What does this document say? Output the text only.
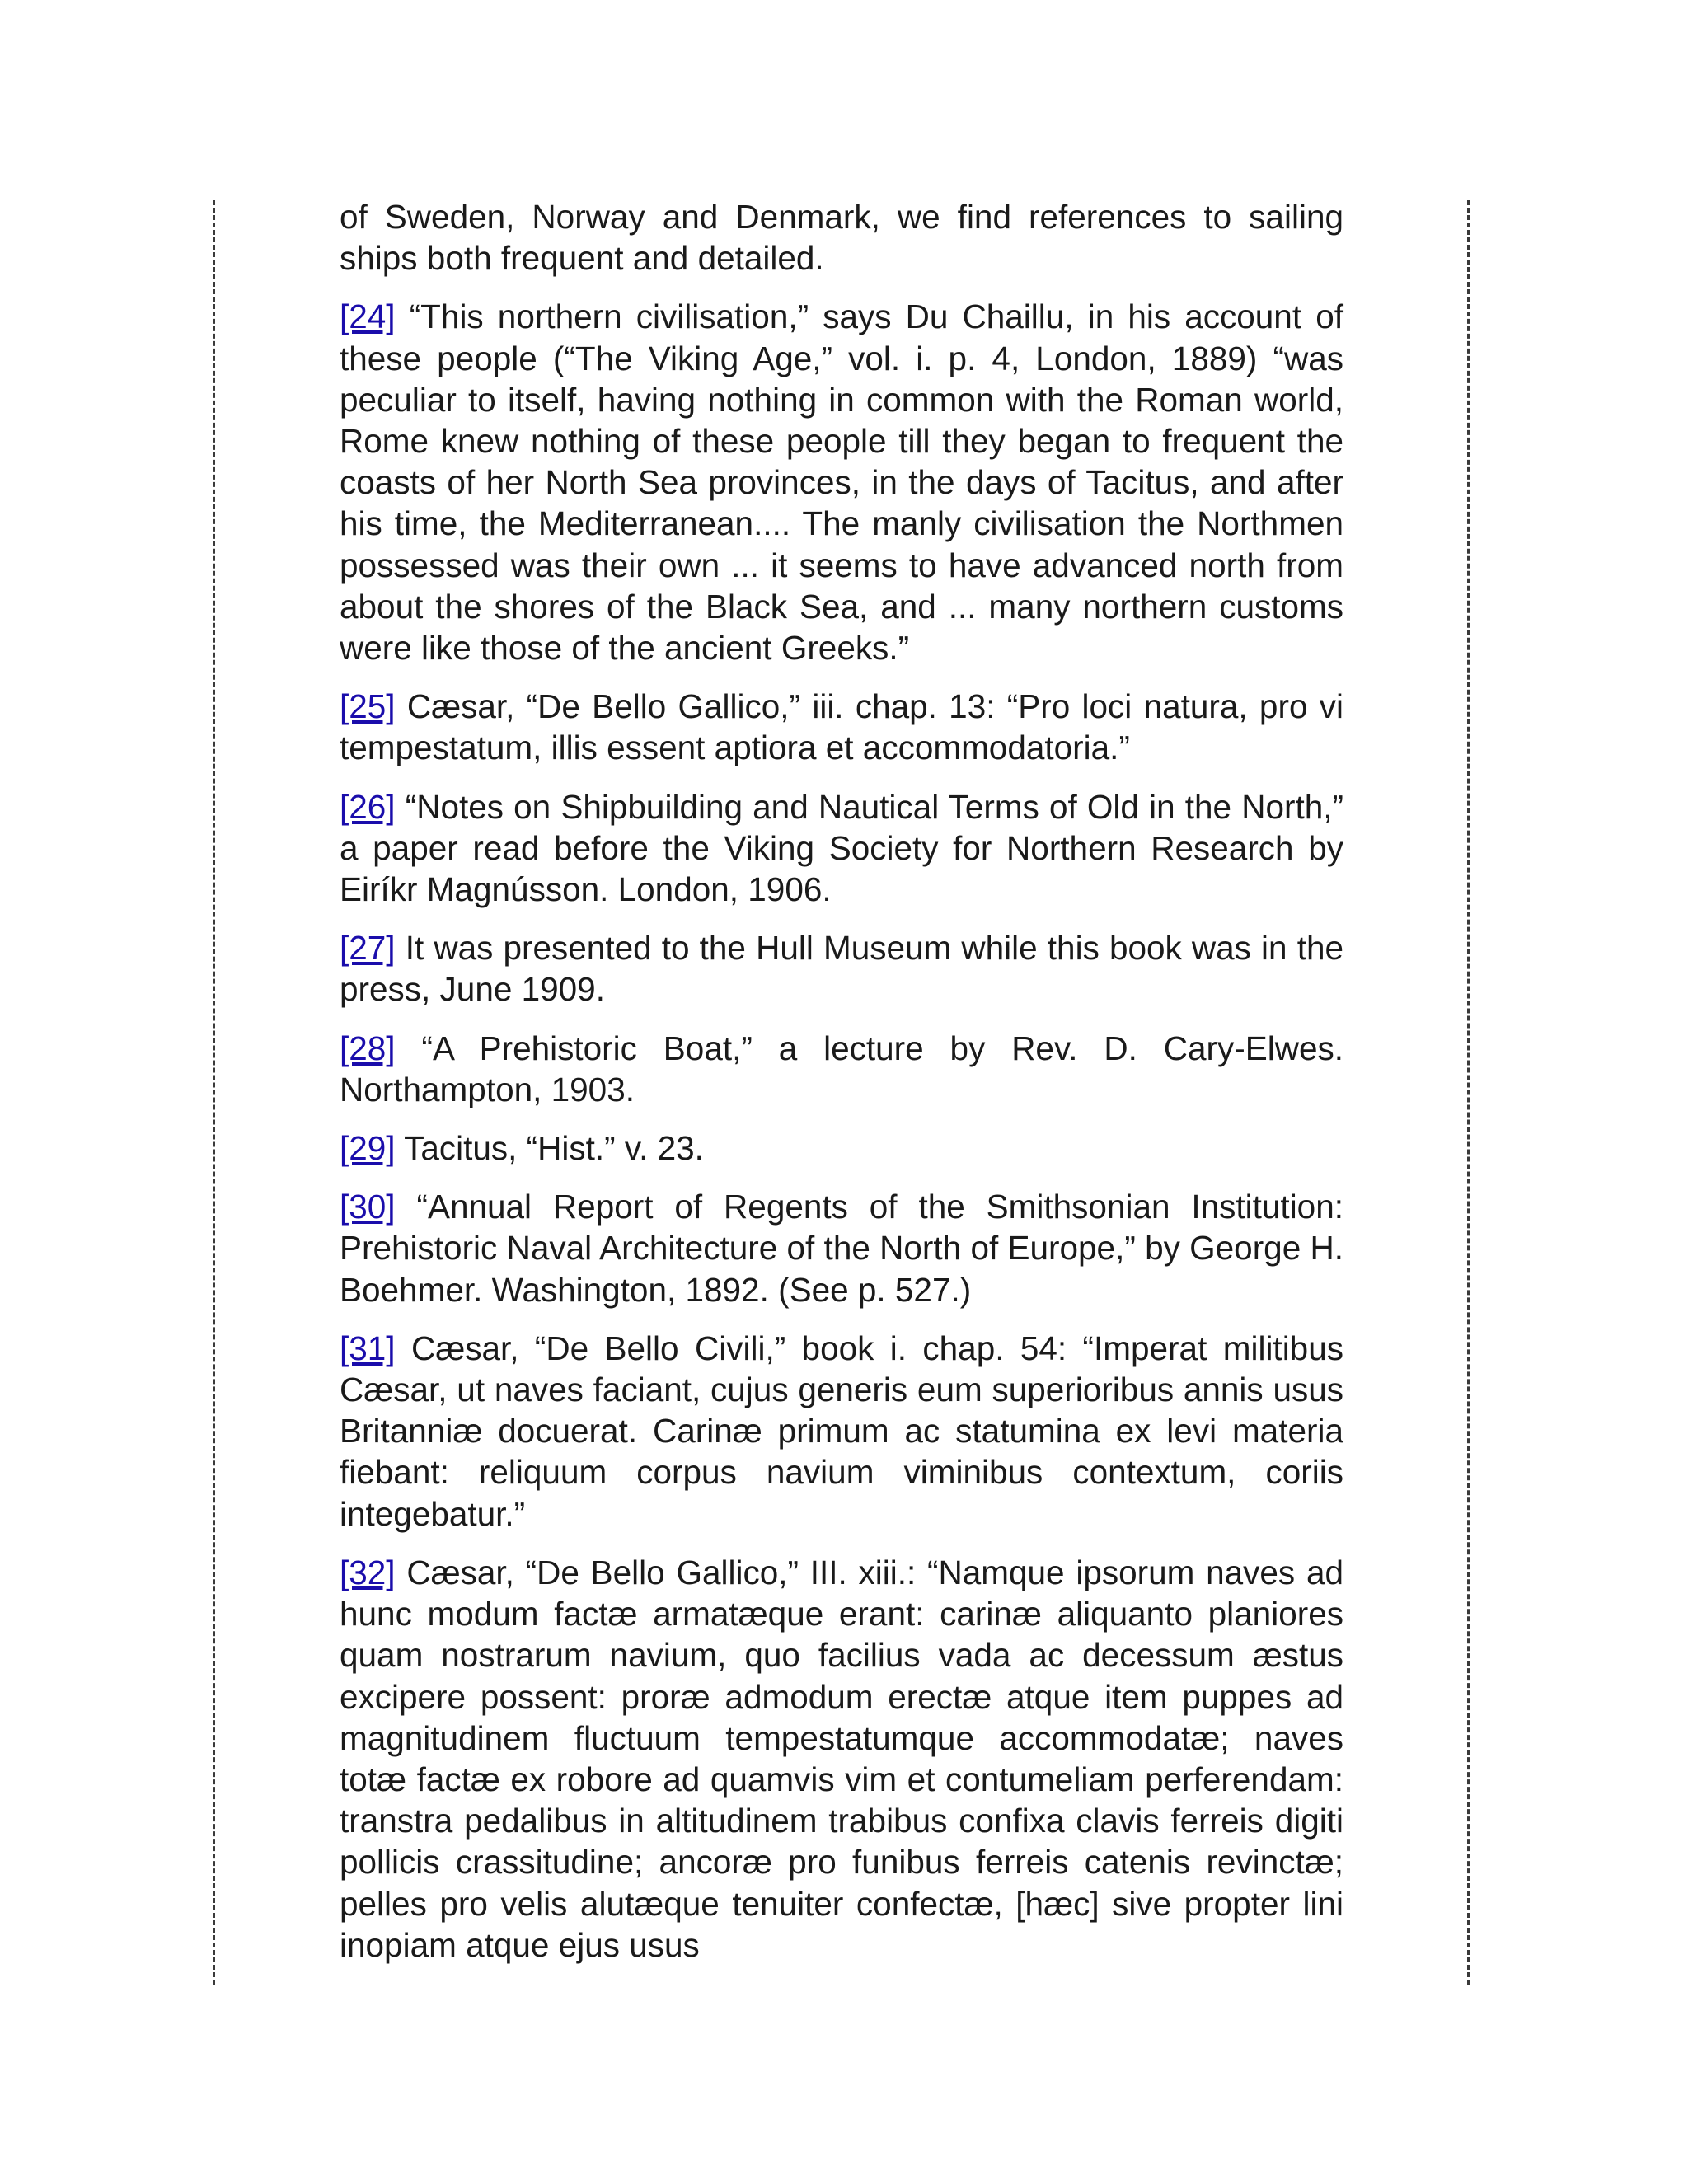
of Sweden, Norway and Denmark, we find references to sailing ships both frequent and detailed.

[24] “This northern civilisation,” says Du Chaillu, in his account of these people (“The Viking Age,” vol. i. p. 4, London, 1889) “was peculiar to itself, having nothing in common with the Roman world, Rome knew nothing of these people till they began to frequent the coasts of her North Sea provinces, in the days of Tacitus, and after his time, the Mediterranean.... The manly civilisation the Northmen possessed was their own ... it seems to have advanced north from about the shores of the Black Sea, and ... many northern customs were like those of the ancient Greeks.”

[25] Cæsar, “De Bello Gallico,” iii. chap. 13: “Pro loci natura, pro vi tempestatum, illis essent aptiora et accommodatoria.”

[26] “Notes on Shipbuilding and Nautical Terms of Old in the North,” a paper read before the Viking Society for Northern Research by Eiríkr Magnússon. London, 1906.

[27] It was presented to the Hull Museum while this book was in the press, June 1909.

[28] “A Prehistoric Boat,” a lecture by Rev. D. Cary-Elwes. Northampton, 1903.

[29] Tacitus, “Hist.” v. 23.

[30] “Annual Report of Regents of the Smithsonian Institution: Prehistoric Naval Architecture of the North of Europe,” by George H. Boehmer. Washington, 1892. (See p. 527.)

[31] Cæsar, “De Bello Civili,” book i. chap. 54: “Imperat militibus Cæsar, ut naves faciant, cujus generis eum superioribus annis usus Britanniæ docuerat. Carinæ primum ac statumina ex levi materia fiebant: reliquum corpus navium viminibus contextum, coriis integebatur.”

[32] Cæsar, “De Bello Gallico,” III. xiii.: “Namque ipsorum naves ad hunc modum factæ armatæque erant: carinæ aliquanto planiores quam nostrarum navium, quo facilius vada ac decessum æstus excipere possent: proræ admodum erectæ atque item puppes ad magnitudinem fluctuum tempestatumque accommodatæ; naves totæ factæ ex robore ad quamvis vim et contumeliam perferendam: transtra pedalibus in altitudinem trabibus confixa clavis ferreis digiti pollicis crassitudine; ancoræ pro funibus ferreis catenis revinctæ; pelles pro velis alutæque tenuiter confectæ, [hæc] sive propter lini inopiam atque ejus usus
